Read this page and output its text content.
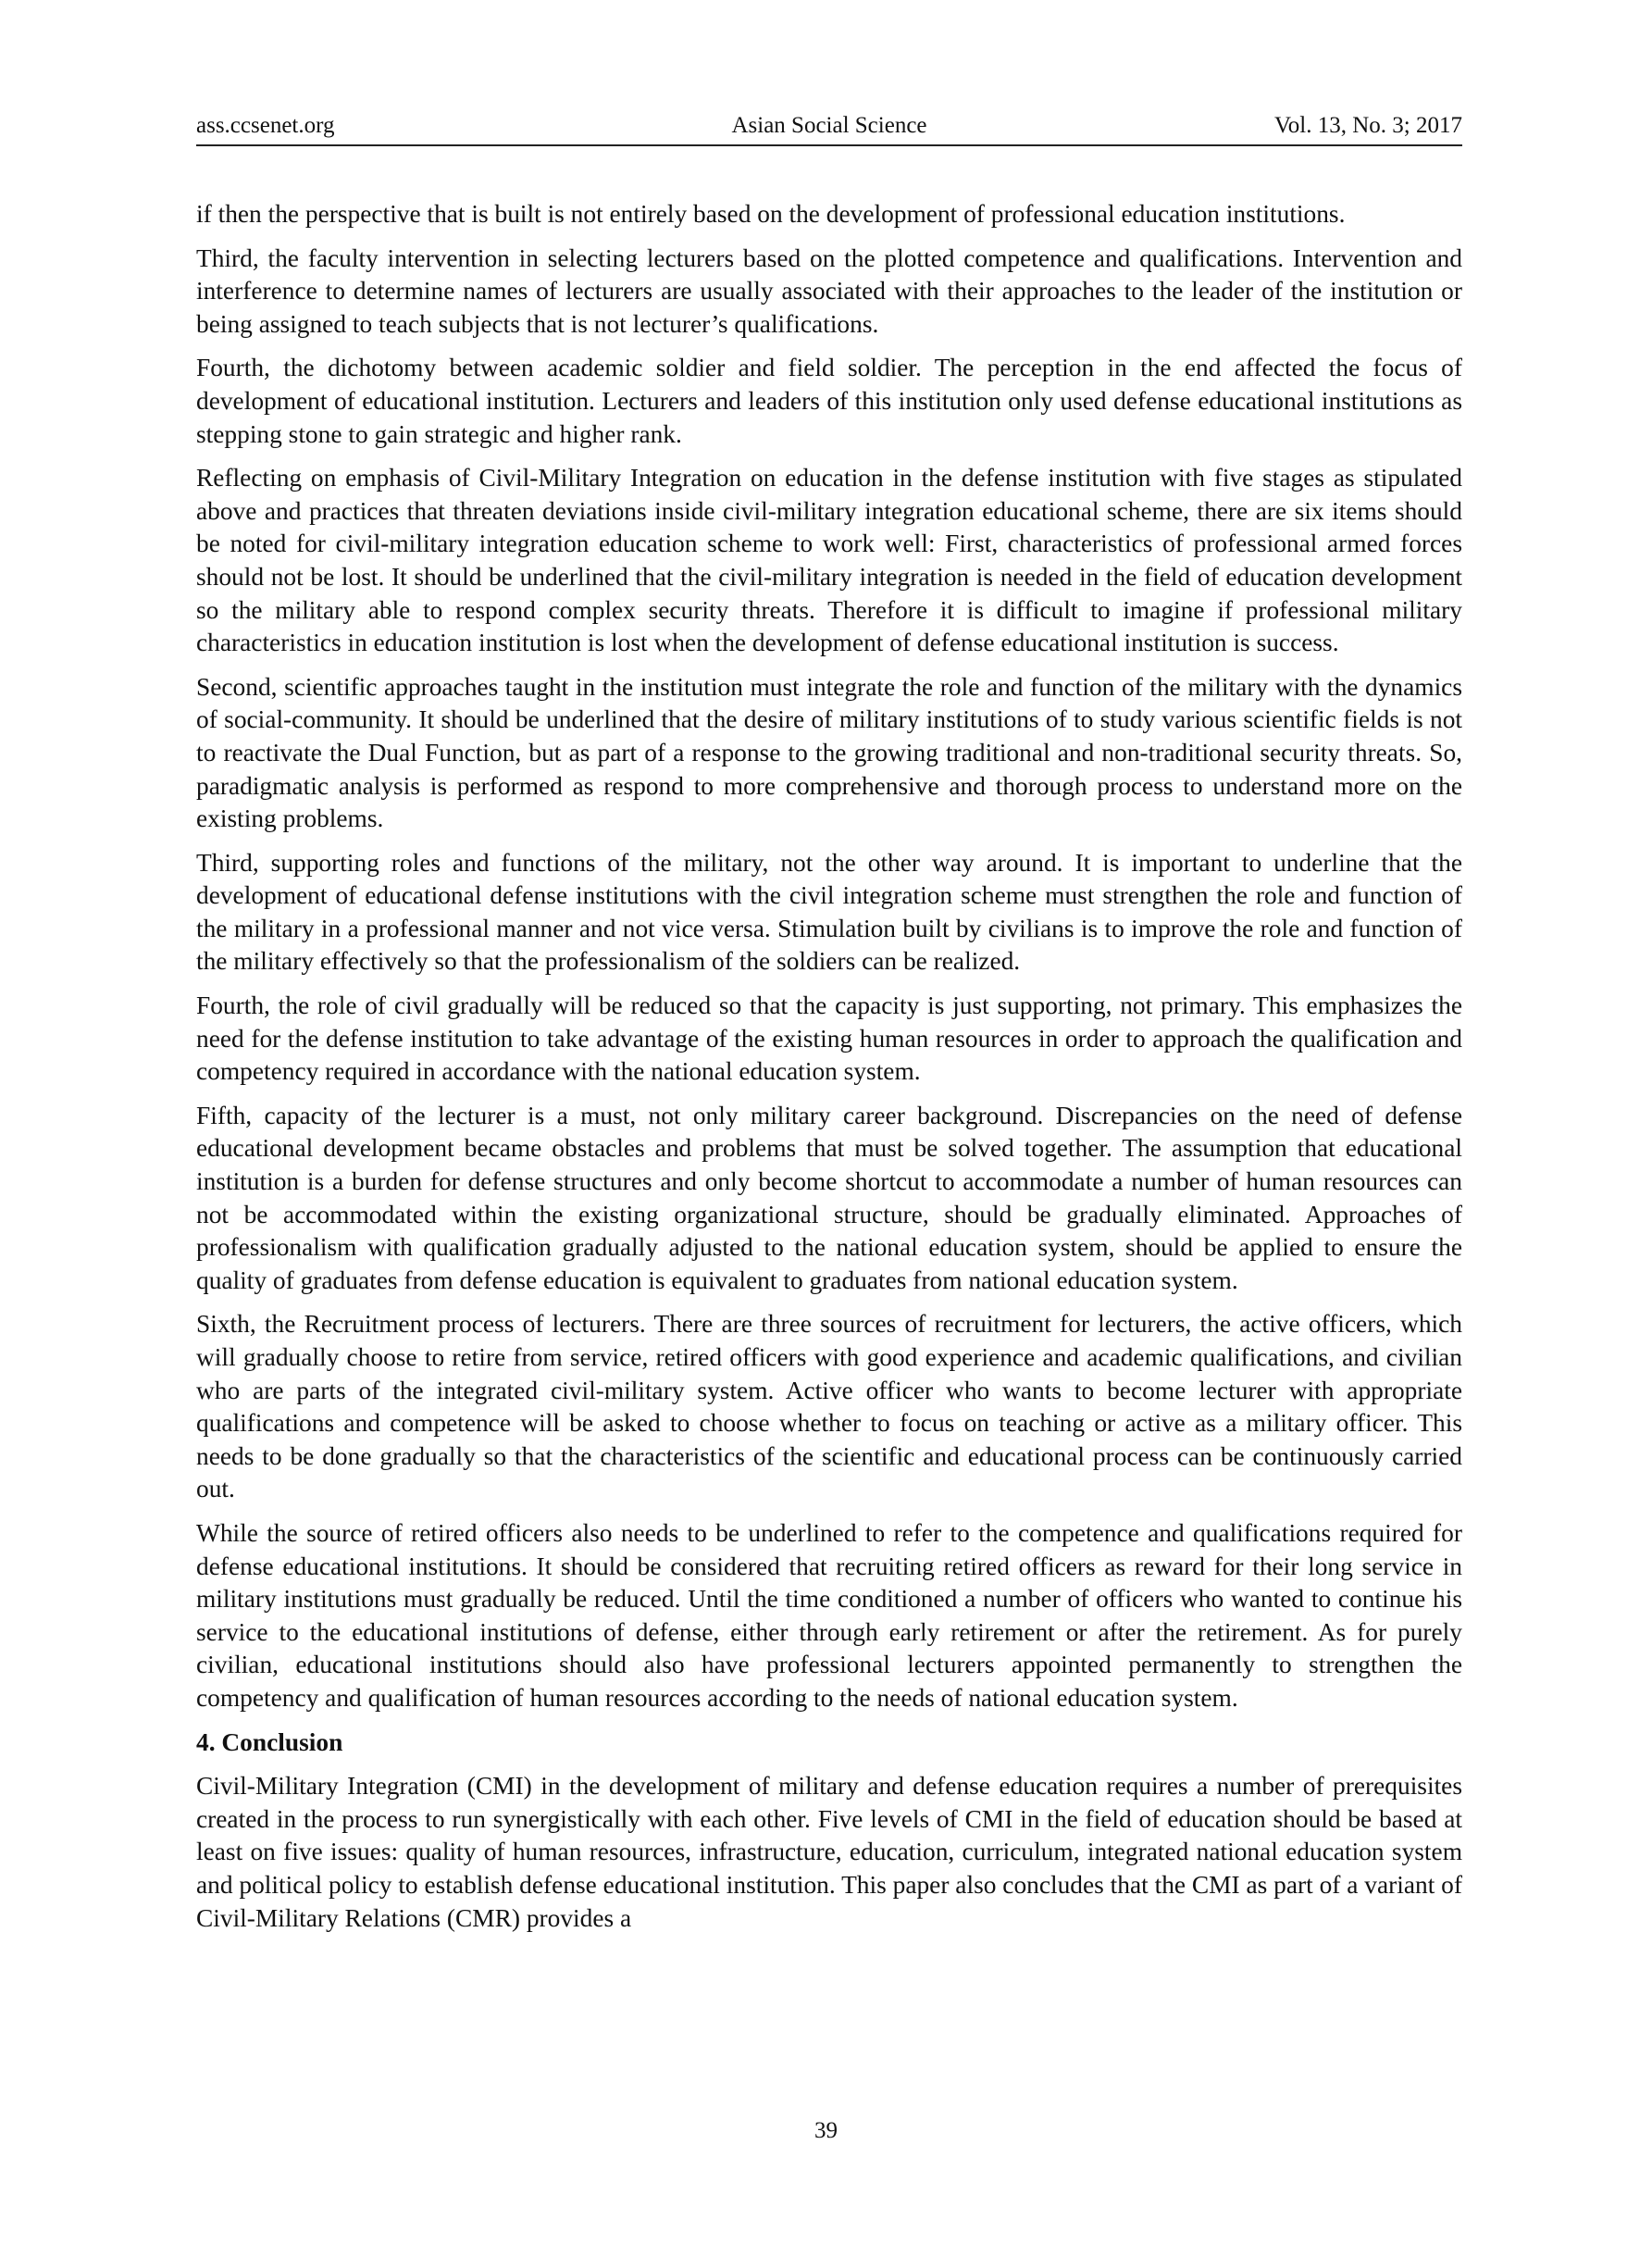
ass.ccsenet.org	Asian Social Science	Vol. 13, No. 3; 2017

if then the perspective that is built is not entirely based on the development of professional education institutions.

Third, the faculty intervention in selecting lecturers based on the plotted competence and qualifications. Intervention and interference to determine names of lecturers are usually associated with their approaches to the leader of the institution or being assigned to teach subjects that is not lecturer’s qualifications.

Fourth, the dichotomy between academic soldier and field soldier. The perception in the end affected the focus of development of educational institution. Lecturers and leaders of this institution only used defense educational institutions as stepping stone to gain strategic and higher rank.

Reflecting on emphasis of Civil-Military Integration on education in the defense institution with five stages as stipulated above and practices that threaten deviations inside civil-military integration educational scheme, there are six items should be noted for civil-military integration education scheme to work well: First, characteristics of professional armed forces should not be lost. It should be underlined that the civil-military integration is needed in the field of education development so the military able to respond complex security threats. Therefore it is difficult to imagine if professional military characteristics in education institution is lost when the development of defense educational institution is success.

Second, scientific approaches taught in the institution must integrate the role and function of the military with the dynamics of social-community. It should be underlined that the desire of military institutions of to study various scientific fields is not to reactivate the Dual Function, but as part of a response to the growing traditional and non-traditional security threats. So, paradigmatic analysis is performed as respond to more comprehensive and thorough process to understand more on the existing problems.

Third, supporting roles and functions of the military, not the other way around. It is important to underline that the development of educational defense institutions with the civil integration scheme must strengthen the role and function of the military in a professional manner and not vice versa. Stimulation built by civilians is to improve the role and function of the military effectively so that the professionalism of the soldiers can be realized.

Fourth, the role of civil gradually will be reduced so that the capacity is just supporting, not primary. This emphasizes the need for the defense institution to take advantage of the existing human resources in order to approach the qualification and competency required in accordance with the national education system.

Fifth, capacity of the lecturer is a must, not only military career background. Discrepancies on the need of defense educational development became obstacles and problems that must be solved together. The assumption that educational institution is a burden for defense structures and only become shortcut to accommodate a number of human resources can not be accommodated within the existing organizational structure, should be gradually eliminated. Approaches of professionalism with qualification gradually adjusted to the national education system, should be applied to ensure the quality of graduates from defense education is equivalent to graduates from national education system.

Sixth, the Recruitment process of lecturers. There are three sources of recruitment for lecturers, the active officers, which will gradually choose to retire from service, retired officers with good experience and academic qualifications, and civilian who are parts of the integrated civil-military system. Active officer who wants to become lecturer with appropriate qualifications and competence will be asked to choose whether to focus on teaching or active as a military officer. This needs to be done gradually so that the characteristics of the scientific and educational process can be continuously carried out.

While the source of retired officers also needs to be underlined to refer to the competence and qualifications required for defense educational institutions. It should be considered that recruiting retired officers as reward for their long service in military institutions must gradually be reduced. Until the time conditioned a number of officers who wanted to continue his service to the educational institutions of defense, either through early retirement or after the retirement. As for purely civilian, educational institutions should also have professional lecturers appointed permanently to strengthen the competency and qualification of human resources according to the needs of national education system.

4. Conclusion

Civil-Military Integration (CMI) in the development of military and defense education requires a number of prerequisites created in the process to run synergistically with each other. Five levels of CMI in the field of education should be based at least on five issues: quality of human resources, infrastructure, education, curriculum, integrated national education system and political policy to establish defense educational institution. This paper also concludes that the CMI as part of a variant of Civil-Military Relations (CMR) provides a

39
